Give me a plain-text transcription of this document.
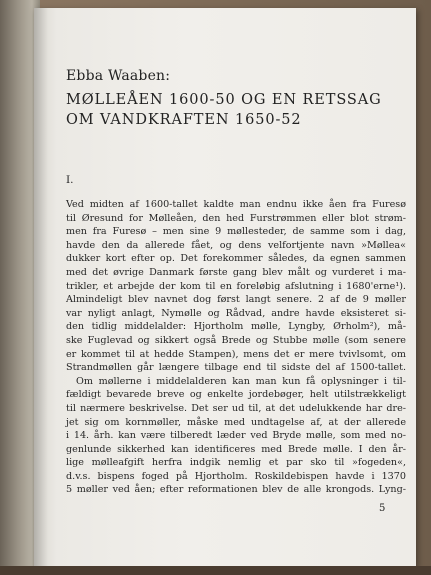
Ebba Waaben:
MØLLEÅEN 1600-50 OG EN RETSSAG
OM VANDKRAFTEN 1650-52
I.
Ved midten af 1600-tallet kaldte man endnu ikke åen fra Furesø
til Øresund for Mølleåen, den hed Furstrømmen eller blot strøm-
men fra Furesø – men sine 9 møllesteder, de samme som i dag,
havde den da allerede fået, og dens velfortjente navn »Møllea«
dukker kort efter op. Det forekommer således, da egnen sammen
med det øvrige Danmark første gang blev målt og vurderet i ma-
trikler, et arbejde der kom til en foreløbig afslutning i 1680'erne¹).
Almindeligt blev navnet dog først langt senere. 2 af de 9 møller
var nyligt anlagt, Nymølle og Rådvad, andre havde eksisteret si-
den tidlig middelalder: Hjortholm mølle, Lyngby, Ørholm²), må-
ske Fuglevad og sikkert også Brede og Stubbe mølle (som senere
er kommet til at hedde Stampen), mens det er mere tvivlsomt, om
Strandmøllen går længere tilbage end til sidste del af 1500-tallet.
Om møllerne i middelalderen kan man kun få oplysninger i til-
fældigt bevarede breve og enkelte jordebøger, helt utilstrækkeligt
til nærmere beskrivelse. Det ser ud til, at det udelukkende har dre-
jet sig om kornmøller, måske med undtagelse af, at der allerede
i 14. årh. kan være tilberedt læder ved Bryde mølle, som med no-
genlunde sikkerhed kan identificeres med Brede mølle. I den år-
lige møllеafgift herfra indgik nemlig et par sko til »fogeden«,
d.v.s. bispens foged på Hjortholm. Roskildebispen havde i 1370
5 møller ved åen; efter reformationen blev de alle krongods. Lyng-
5
